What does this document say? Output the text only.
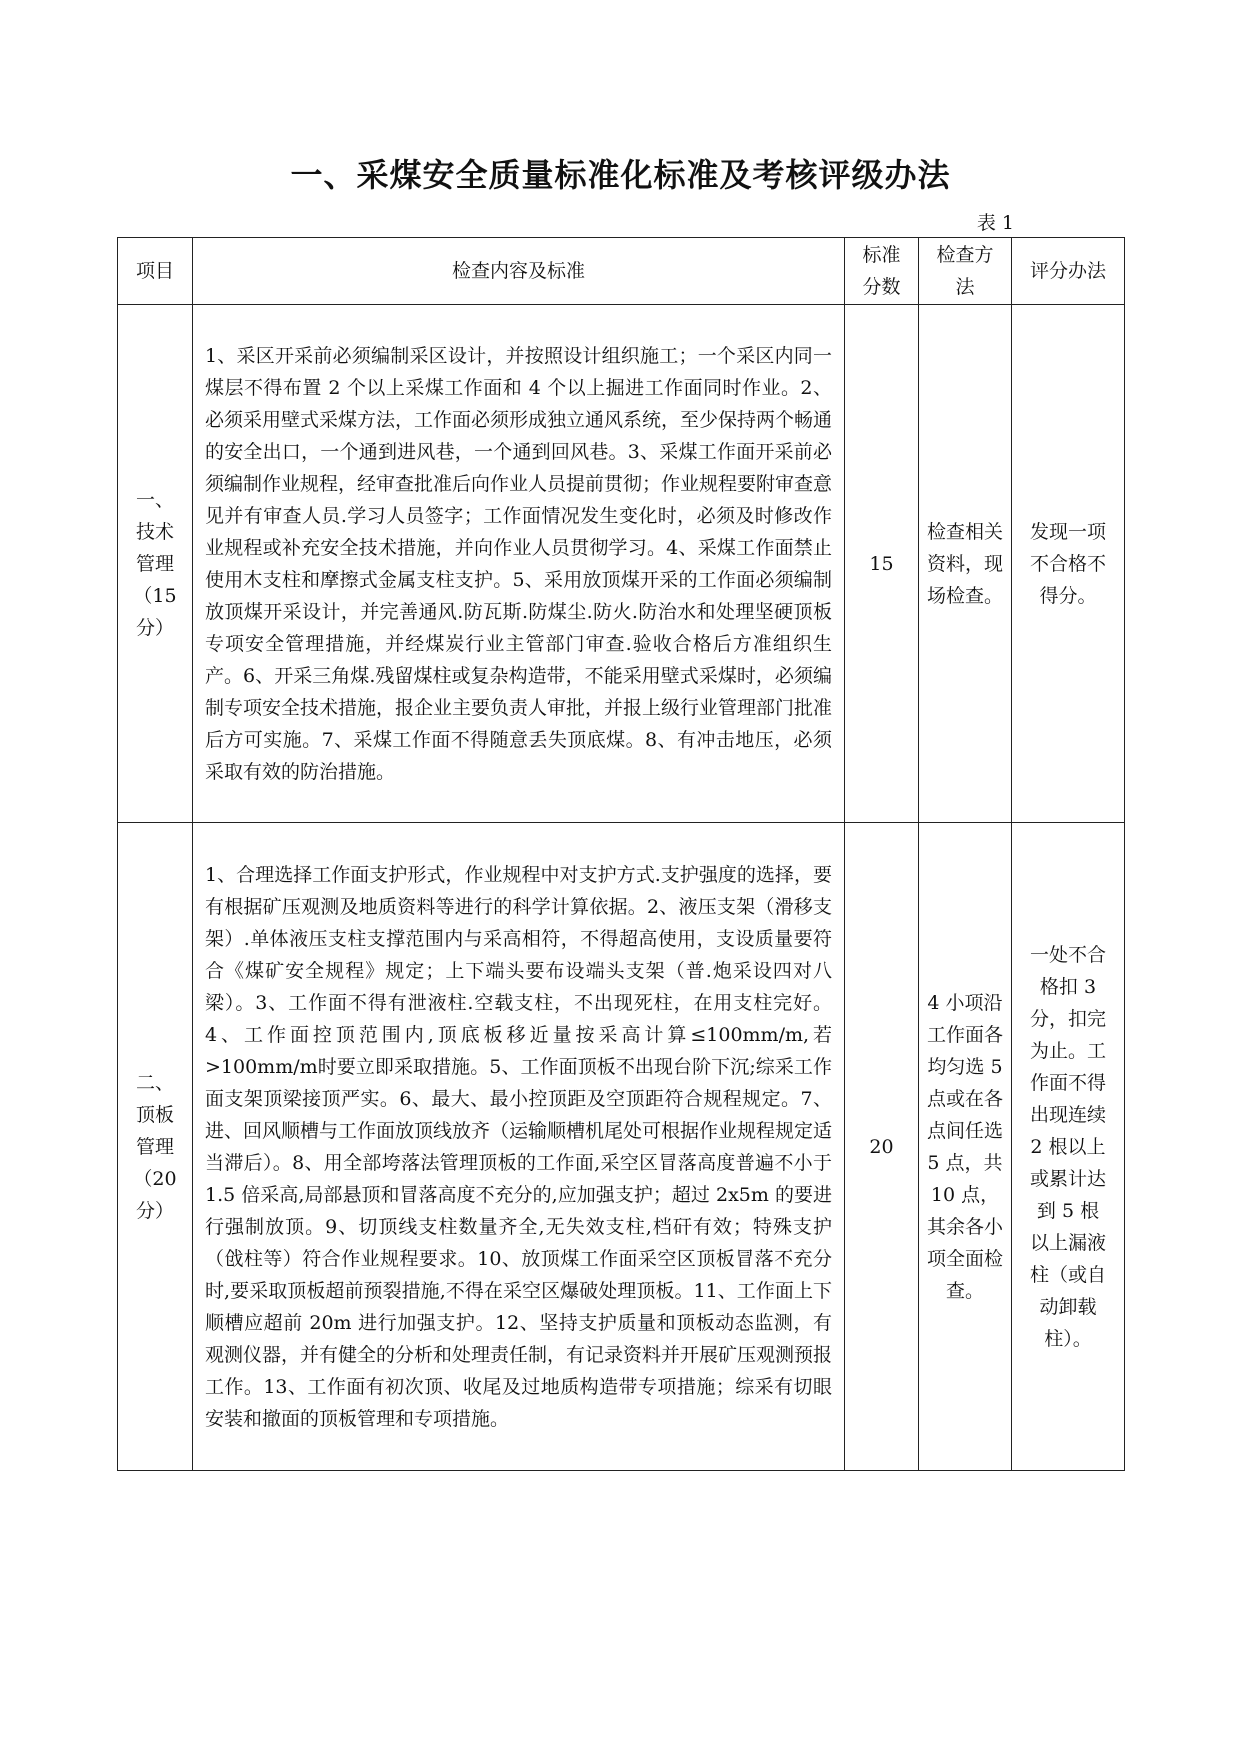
一、采煤安全质量标准化标准及考核评级办法
表 1
项目	检查内容及标准	标准分数	检查方法	评分办法
一、技术管理（15分）	1、采区开采前必须编制采区设计，并按照设计组织施工；一个采区内同一煤层不得布置 2 个以上采煤工作面和 4 个以上掘进工作面同时作业。2、必须采用壁式采煤方法，工作面必须形成独立通风系统，至少保持两个畅通的安全出口，一个通到进风巷，一个通到回风巷。3、采煤工作面开采前必须编制作业规程，经审查批准后向作业人员提前贯彻；作业规程要附审查意见并有审查人员.学习人员签字；工作面情况发生变化时，必须及时修改作业规程或补充安全技术措施，并向作业人员贯彻学习。4、采煤工作面禁止使用木支柱和摩擦式金属支柱支护。5、采用放顶煤开采的工作面必须编制放顶煤开采设计，并完善通风.防瓦斯.防煤尘.防火.防治水和处理坚硬顶板专项安全管理措施，并经煤炭行业主管部门审查.验收合格后方准组织生产。6、开采三角煤.残留煤柱或复杂构造带，不能采用壁式采煤时，必须编制专项安全技术措施，报企业主要负责人审批，并报上级行业管理部门批准后方可实施。7、采煤工作面不得随意丢失顶底煤。8、有冲击地压，必须采取有效的防治措施。	15	检查相关资料，现场检查。	发现一项不合格不得分。
二、顶板管理（20分）	1、合理选择工作面支护形式，作业规程中对支护方式.支护强度的选择，要有根据矿压观测及地质资料等进行的科学计算依据。2、液压支架（滑移支架）.单体液压支柱支撑范围内与采高相符，不得超高使用，支设质量要符合《煤矿安全规程》规定；上下端头要布设端头支架（普.炮采设四对八梁）。3、工作面不得有泄液柱.空载支柱，不出现死柱，在用支柱完好。4、工作面控顶范围内,顶底板移近量按采高计算≤100mm/m,若>100mm/m时要立即采取措施。5、工作面顶板不出现台阶下沉;综采工作面支架顶梁接顶严实。6、最大、最小控顶距及空顶距符合规程规定。7、进、回风顺槽与工作面放顶线放齐（运输顺槽机尾处可根据作业规程规定适当滞后）。8、用全部垮落法管理顶板的工作面,采空区冒落高度普遍不小于 1.5 倍采高,局部悬顶和冒落高度不充分的,应加强支护；超过 2x5m 的要进行强制放顶。9、切顶线支柱数量齐全,无失效支柱,档矸有效；特殊支护（戗柱等）符合作业规程要求。10、放顶煤工作面采空区顶板冒落不充分时,要采取顶板超前预裂措施,不得在采空区爆破处理顶板。11、工作面上下顺槽应超前 20m 进行加强支护。12、坚持支护质量和顶板动态监测，有观测仪器，并有健全的分析和处理责任制，有记录资料并开展矿压观测预报工作。13、工作面有初次顶、收尾及过地质构造带专项措施；综采有切眼安装和撤面的顶板管理和专项措施。	20	4 小项沿工作面各均匀选 5 点或在各点间任选 5 点，共 10 点，其余各小项全面检查。	一处不合格扣 3 分，扣完为止。工作面不得出现连续 2 根以上或累计达到 5 根以上漏液柱（或自动卸载柱）。
